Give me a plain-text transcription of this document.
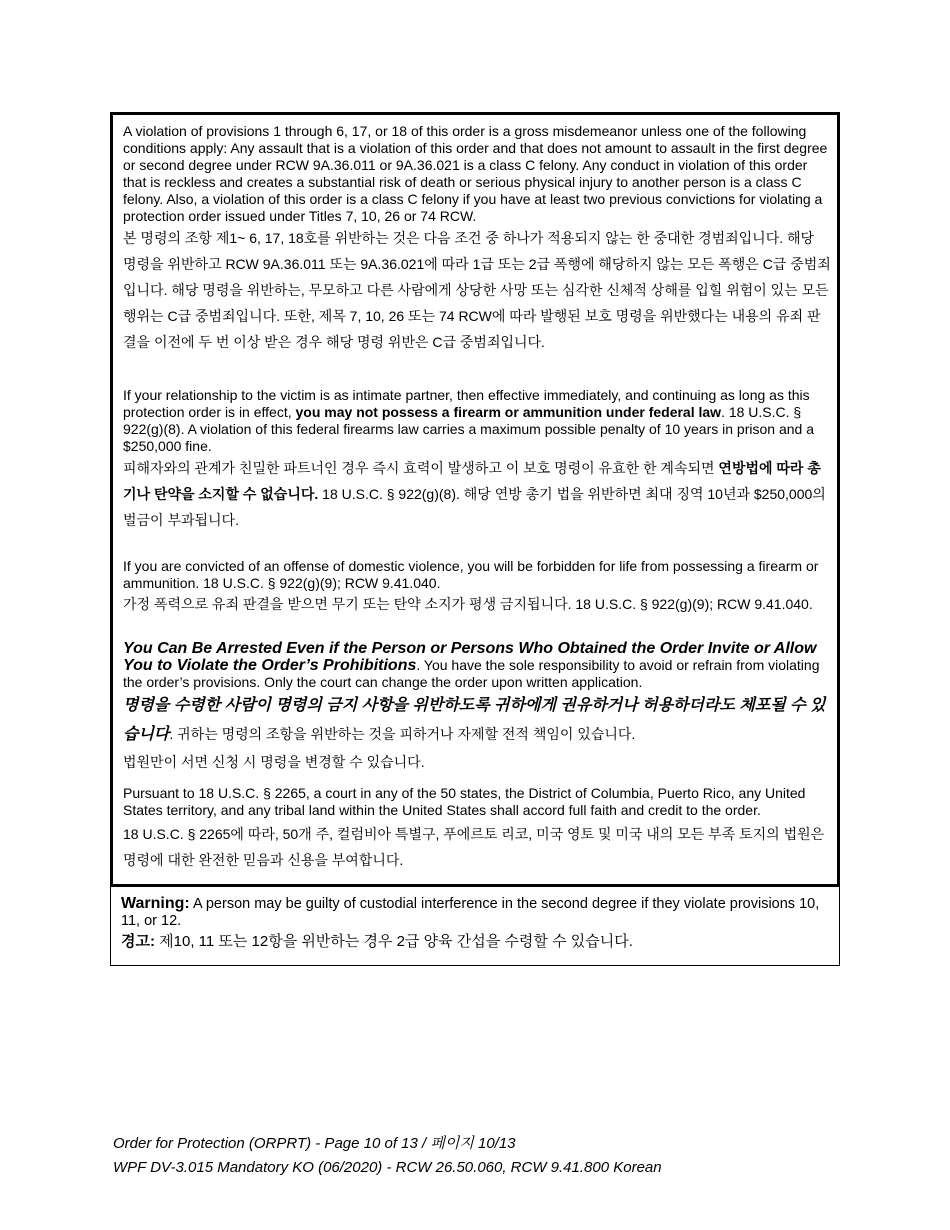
A violation of provisions 1 through 6, 17, or 18 of this order is a gross misdemeanor unless one of the following conditions apply: Any assault that is a violation of this order and that does not amount to assault in the first degree or second degree under RCW 9A.36.011 or 9A.36.021 is a class C felony. Any conduct in violation of this order that is reckless and creates a substantial risk of death or serious physical injury to another person is a class C felony. Also, a violation of this order is a class C felony if you have at least two previous convictions for violating a protection order issued under Titles 7, 10, 26 or 74 RCW.

본 명령의 조항 제1~ 6, 17, 18호를 위반하는 것은 다음 조건 중 하나가 적용되지 않는 한 중대한 경범죄입니다. 해당 명령을 위반하고 RCW 9A.36.011 또는 9A.36.021에 따라 1급 또는 2급 폭행에 해당하지 않는 모든 폭행은 C급 중범죄입니다. 해당 명령을 위반하는, 무모하고 다른 사람에게 상당한 사망 또는 심각한 신체적 상해를 입힐 위험이 있는 모든 행위는 C급 중범죄입니다. 또한, 제목 7, 10, 26 또는 74 RCW에 따라 발행된 보호 명령을 위반했다는 내용의 유죄 판결을 이전에 두 번 이상 받은 경우 해당 명령 위반은 C급 중범죄입니다.

If your relationship to the victim is as intimate partner, then effective immediately, and continuing as long as this protection order is in effect, you may not possess a firearm or ammunition under federal law. 18 U.S.C. § 922(g)(8). A violation of this federal firearms law carries a maximum possible penalty of 10 years in prison and a $250,000 fine.

피해자와의 관계가 친밀한 파트너인 경우 즉시 효력이 발생하고 이 보호 명령이 유효한 한 계속되면 연방법에 따라 총기나 탄약을 소지할 수 없습니다. 18 U.S.C. § 922(g)(8). 해당 연방 총기 법을 위반하면 최대 징역 10년과 $250,000의 벌금이 부과됩니다.

If you are convicted of an offense of domestic violence, you will be forbidden for life from possessing a firearm or ammunition. 18 U.S.C. § 922(g)(9); RCW 9.41.040.

가정 폭력으로 유죄 판결을 받으면 무기 또는 탄약 소지가 평생 금지됩니다. 18 U.S.C. § 922(g)(9); RCW 9.41.040.

You Can Be Arrested Even if the Person or Persons Who Obtained the Order Invite or Allow You to Violate the Order’s Prohibitions. You have the sole responsibility to avoid or refrain from violating the order’s provisions. Only the court can change the order upon written application.

명령을 수령한 사람이 명령의 금지 사항을 위반하도록 귀하에게 권유하거나 허용하더라도 체포될 수 있습니다. 귀하는 명령의 조항을 위반하는 것을 피하거나 자제할 전적 책임이 있습니다.

법원만이 서면 신청 시 명령을 변경할 수 있습니다.

Pursuant to 18 U.S.C. § 2265, a court in any of the 50 states, the District of Columbia, Puerto Rico, any United States territory, and any tribal land within the United States shall accord full faith and credit to the order.

18 U.S.C. § 2265에 따라, 50개 주, 컬럼비아 특별구, 푸에르토 리코, 미국 영토 및 미국 내의 모든 부족 토지의 법원은 명령에 대한 완전한 믿음과 신용을 부여합니다.

Warning: A person may be guilty of custodial interference in the second degree if they violate provisions 10, 11, or 12.

경고: 제10, 11 또는 12항을 위반하는 경우 2급 양육 간섭을 수령할 수 있습니다.

Order for Protection (ORPRT) - Page 10 of 13 / 페이지 10/13
WPF DV-3.015 Mandatory KO (06/2020) - RCW 26.50.060, RCW 9.41.800 Korean
